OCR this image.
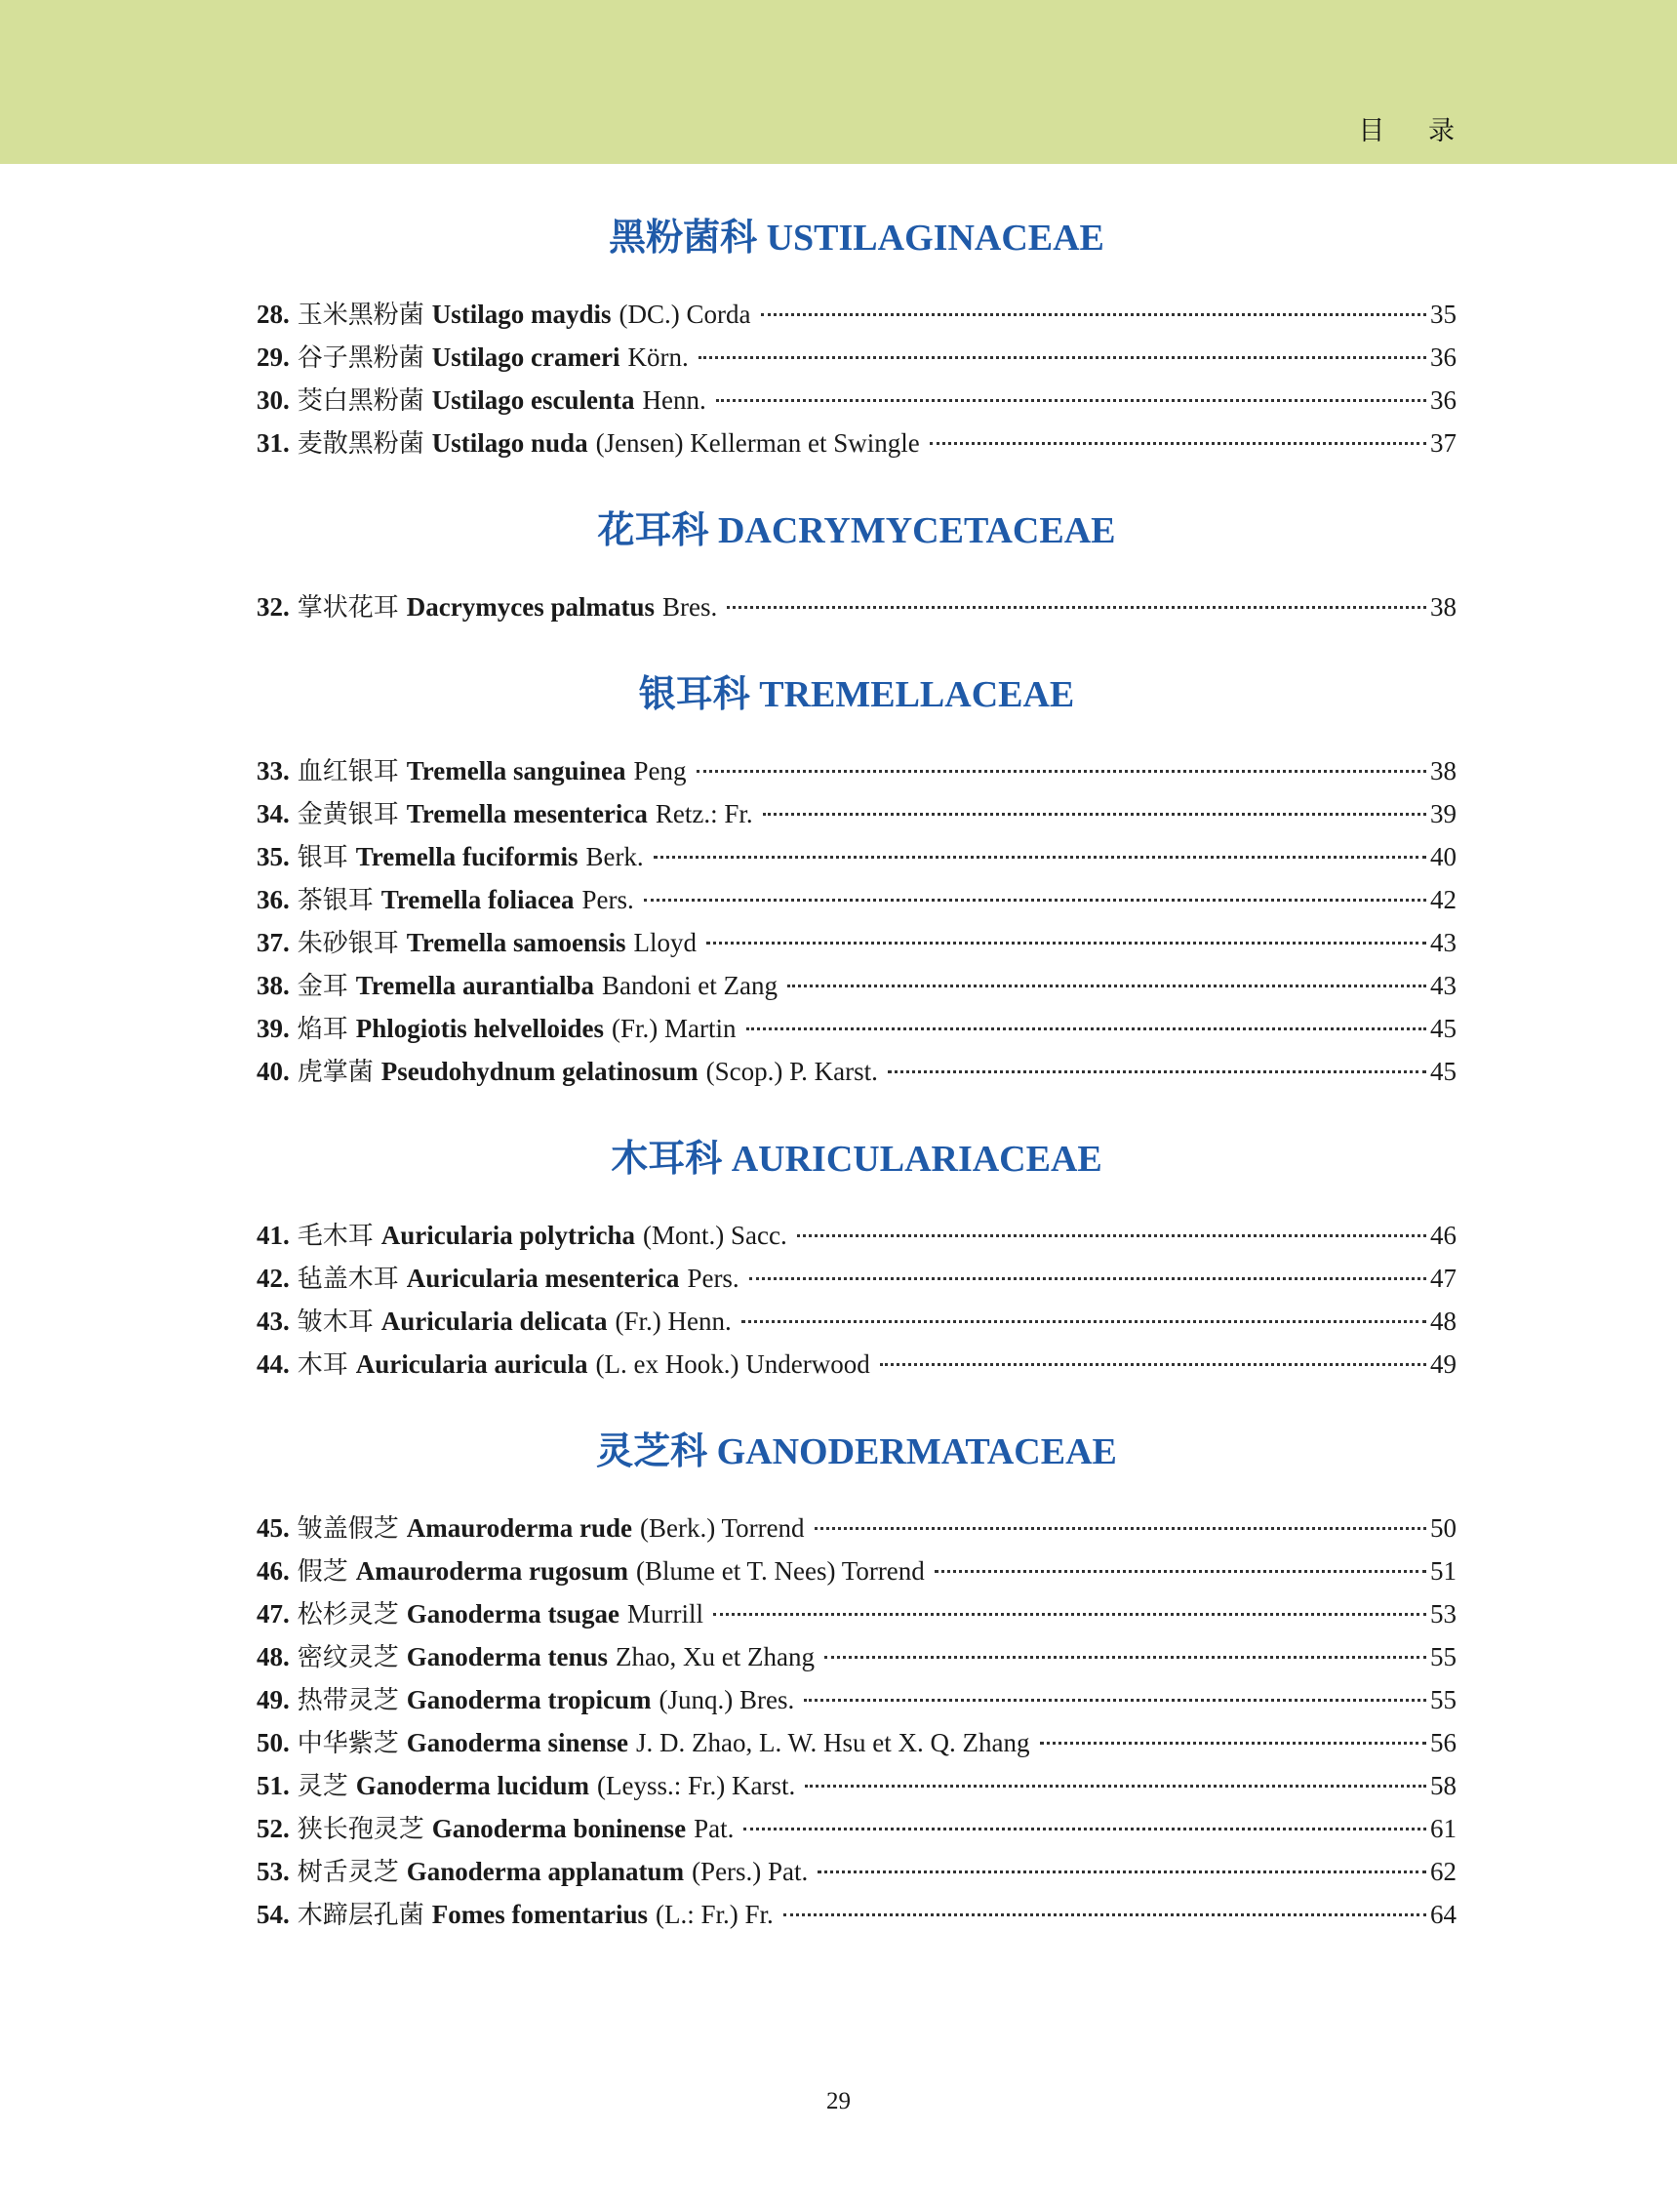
目 录
黑粉菌科 USTILAGINACEAE
28. 玉米黑粉菌 Ustilago maydis (DC.) Corda	35
29. 谷子黑粉菌 Ustilago crameri Körn.	36
30. 茭白黑粉菌 Ustilago esculenta Henn.	36
31. 麦散黑粉菌 Ustilago nuda (Jensen) Kellerman et Swingle	37
花耳科 DACRYMYCETACEAE
32. 掌状花耳 Dacrymyces palmatus Bres.	38
银耳科 TREMELLACEAE
33. 血红银耳 Tremella sanguinea Peng	38
34. 金黄银耳 Tremella mesenterica Retz.: Fr.	39
35. 银耳 Tremella fuciformis Berk.	40
36. 茶银耳 Tremella foliacea Pers.	42
37. 朱砂银耳 Tremella samoensis Lloyd	43
38. 金耳 Tremella aurantialba Bandoni et Zang	43
39. 焰耳 Phlogiotis helvelloides (Fr.) Martin	45
40. 虎掌菌 Pseudohydnum gelatinosum (Scop.) P. Karst.	45
木耳科 AURICULARIACEAE
41. 毛木耳 Auricularia polytricha (Mont.) Sacc.	46
42. 毡盖木耳 Auricularia mesenterica Pers.	47
43. 皱木耳 Auricularia delicata (Fr.) Henn.	48
44. 木耳 Auricularia auricula (L. ex Hook.) Underwood	49
灵芝科 GANODERMATACEAE
45. 皱盖假芝 Amauroderma rude (Berk.) Torrend	50
46. 假芝 Amauroderma rugosum (Blume et T. Nees) Torrend	51
47. 松杉灵芝 Ganoderma tsugae Murrill	53
48. 密纹灵芝 Ganoderma tenus Zhao, Xu et Zhang	55
49. 热带灵芝 Ganoderma tropicum (Junq.) Bres.	55
50. 中华紫芝 Ganoderma sinense J. D. Zhao, L. W. Hsu et X. Q. Zhang	56
51. 灵芝 Ganoderma lucidum (Leyss.: Fr.) Karst.	58
52. 狭长孢灵芝 Ganoderma boninense Pat.	61
53. 树舌灵芝 Ganoderma applanatum (Pers.) Pat.	62
54. 木蹄层孔菌 Fomes fomentarius (L.: Fr.) Fr.	64
29
